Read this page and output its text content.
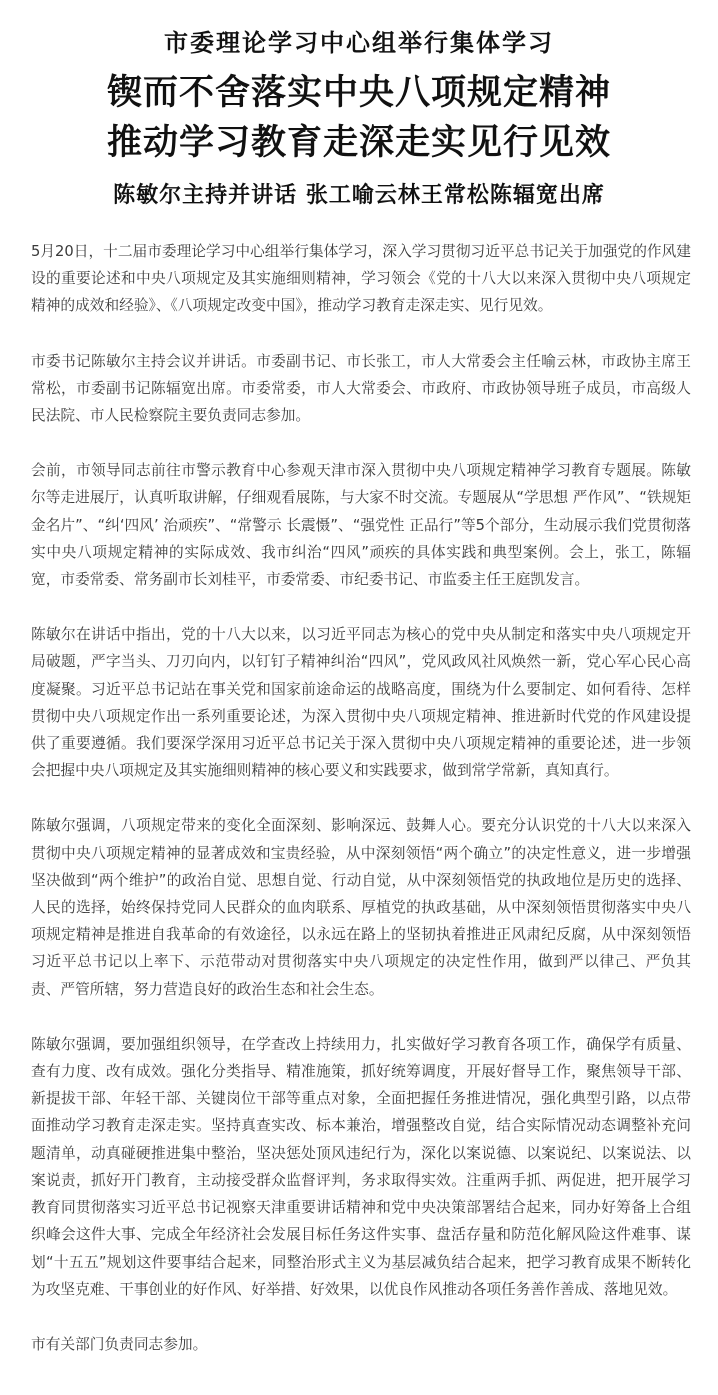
市委理论学习中心组举行集体学习
锲而不舍落实中央八项规定精神
推动学习教育走深走实见行见效
陈敏尔主持并讲话 张工喻云林王常松陈辐宽出席

5月20日，十二届市委理论学习中心组举行集体学习，深入学习贯彻习近平总书记关于加强党的作风建设的重要论述和中央八项规定及其实施细则精神，学习领会《党的十八大以来深入贯彻中央八项规定精神的成效和经验》、《八项规定改变中国》，推动学习教育走深走实、见行见效。

市委书记陈敏尔主持会议并讲话。市委副书记、市长张工，市人大常委会主任喻云林，市政协主席王常松，市委副书记陈辐宽出席。市委常委，市人大常委会、市政府、市政协领导班子成员，市高级人民法院、市人民检察院主要负责同志参加。

会前，市领导同志前往市警示教育中心参观天津市深入贯彻中央八项规定精神学习教育专题展。陈敏尔等走进展厅，认真听取讲解，仔细观看展陈，与大家不时交流。专题展从“学思想 严作风”、“铁规矩 金名片”、“纠‘四风’ 治顽疾”、“常警示 长震慑”、“强党性 正品行”等5个部分，生动展示我们党贯彻落实中央八项规定精神的实际成效、我市纠治“四风”顽疾的具体实践和典型案例。会上，张工，陈辐宽，市委常委、常务副市长刘桂平，市委常委、市纪委书记、市监委主任王庭凯发言。

陈敏尔在讲话中指出，党的十八大以来，以习近平同志为核心的党中央从制定和落实中央八项规定开局破题，严字当头、刀刃向内，以钉钉子精神纠治“四风”，党风政风社风焕然一新，党心军心民心高度凝聚。习近平总书记站在事关党和国家前途命运的战略高度，围绕为什么要制定、如何看待、怎样贯彻中央八项规定作出一系列重要论述，为深入贯彻中央八项规定精神、推进新时代党的作风建设提供了重要遵循。我们要深学深用习近平总书记关于深入贯彻中央八项规定精神的重要论述，进一步领会把握中央八项规定及其实施细则精神的核心要义和实践要求，做到常学常新，真知真行。

陈敏尔强调，八项规定带来的变化全面深刻、影响深远、鼓舞人心。要充分认识党的十八大以来深入贯彻中央八项规定精神的显著成效和宝贵经验，从中深刻领悟“两个确立”的决定性意义，进一步增强坚决做到“两个维护”的政治自觉、思想自觉、行动自觉，从中深刻领悟党的执政地位是历史的选择、人民的选择，始终保持党同人民群众的血肉联系、厚植党的执政基础，从中深刻领悟贯彻落实中央八项规定精神是推进自我革命的有效途径，以永远在路上的坚韧执着推进正风肃纪反腐，从中深刻领悟习近平总书记以上率下、示范带动对贯彻落实中央八项规定的决定性作用，做到严以律己、严负其责、严管所辖，努力营造良好的政治生态和社会生态。

陈敏尔强调，要加强组织领导，在学查改上持续用力，扎实做好学习教育各项工作，确保学有质量、查有力度、改有成效。强化分类指导、精准施策，抓好统筹调度，开展好督导工作，聚焦领导干部、新提拔干部、年轻干部、关键岗位干部等重点对象，全面把握任务推进情况，强化典型引路，以点带面推动学习教育走深走实。坚持真查实改、标本兼治，增强整改自觉，结合实际情况动态调整补充问题清单，动真碰硬推进集中整治，坚决惩处顶风违纪行为，深化以案说德、以案说纪、以案说法、以案说责，抓好开门教育，主动接受群众监督评判，务求取得实效。注重两手抓、两促进，把开展学习教育同贯彻落实习近平总书记视察天津重要讲话精神和党中央决策部署结合起来，同办好筹备上合组织峰会这件大事、完成全年经济社会发展目标任务这件实事、盘活存量和防范化解风险这件难事、谋划“十五五”规划这件要事结合起来，同整治形式主义为基层减负结合起来，把学习教育成果不断转化为攻坚克难、干事创业的好作风、好举措、好效果，以优良作风推动各项任务善作善成、落地见效。

市有关部门负责同志参加。
